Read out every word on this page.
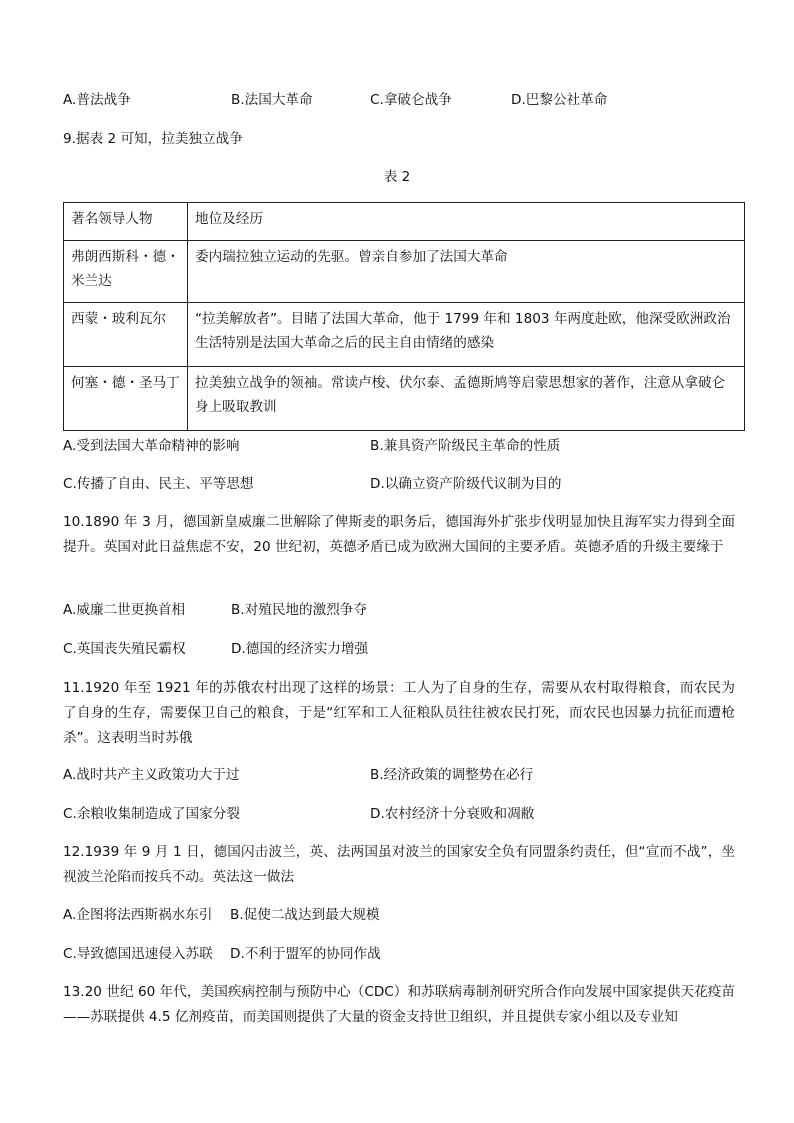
A.普法战争	B.法国大革命	C.拿破仑战争	D.巴黎公社革命
9.据表 2 可知，拉美独立战争
表 2
著名领导人物	地位及经历
弗朗西斯科・德・米兰达	委内瑞拉独立运动的先驱。曾亲自参加了法国大革命
西蒙・玻利瓦尔	“拉美解放者”。目睹了法国大革命，他于 1799 年和 1803 年两度赴欧，他深受欧洲政治生活特别是法国大革命之后的民主自由情绪的感染
何塞・德・圣马丁	拉美独立战争的领袖。常读卢梭、伏尔泰、孟德斯鸠等启蒙思想家的著作，注意从拿破仑身上吸取教训
A.受到法国大革命精神的影响	B.兼具资产阶级民主革命的性质
C.传播了自由、民主、平等思想	D.以确立资产阶级代议制为目的
10.1890 年 3 月，德国新皇威廉二世解除了俾斯麦的职务后，德国海外扩张步伐明显加快且海军实力得到全面提升。英国对此日益焦虑不安，20 世纪初，英德矛盾已成为欧洲大国间的主要矛盾。英德矛盾的升级主要缘于
A.威廉二世更换首相	B.对殖民地的激烈争夺
C.英国丧失殖民霸权	D.德国的经济实力增强
11.1920 年至 1921 年的苏俄农村出现了这样的场景：工人为了自身的生存，需要从农村取得粮食，而农民为了自身的生存，需要保卫自己的粮食，于是“红军和工人征粮队员往往被农民打死，而农民也因暴力抗征而遭枪杀”。这表明当时苏俄
A.战时共产主义政策功大于过	B.经济政策的调整势在必行
C.余粮收集制造成了国家分裂	D.农村经济十分衰败和凋敝
12.1939 年 9 月 1 日，德国闪击波兰，英、法两国虽对波兰的国家安全负有同盟条约责任，但“宣而不战”，坐视波兰沦陷而按兵不动。英法这一做法
A.企图将法西斯祸水东引 B.促使二战达到最大规模
C.导致德国迅速侵入苏联 D.不利于盟军的协同作战
13.20 世纪 60 年代，美国疾病控制与预防中心（CDC）和苏联病毒制剂研究所合作向发展中国家提供天花疫苗——苏联提供 4.5 亿剂疫苗，而美国则提供了大量的资金支持世卫组织，并且提供专家小组以及专业知
